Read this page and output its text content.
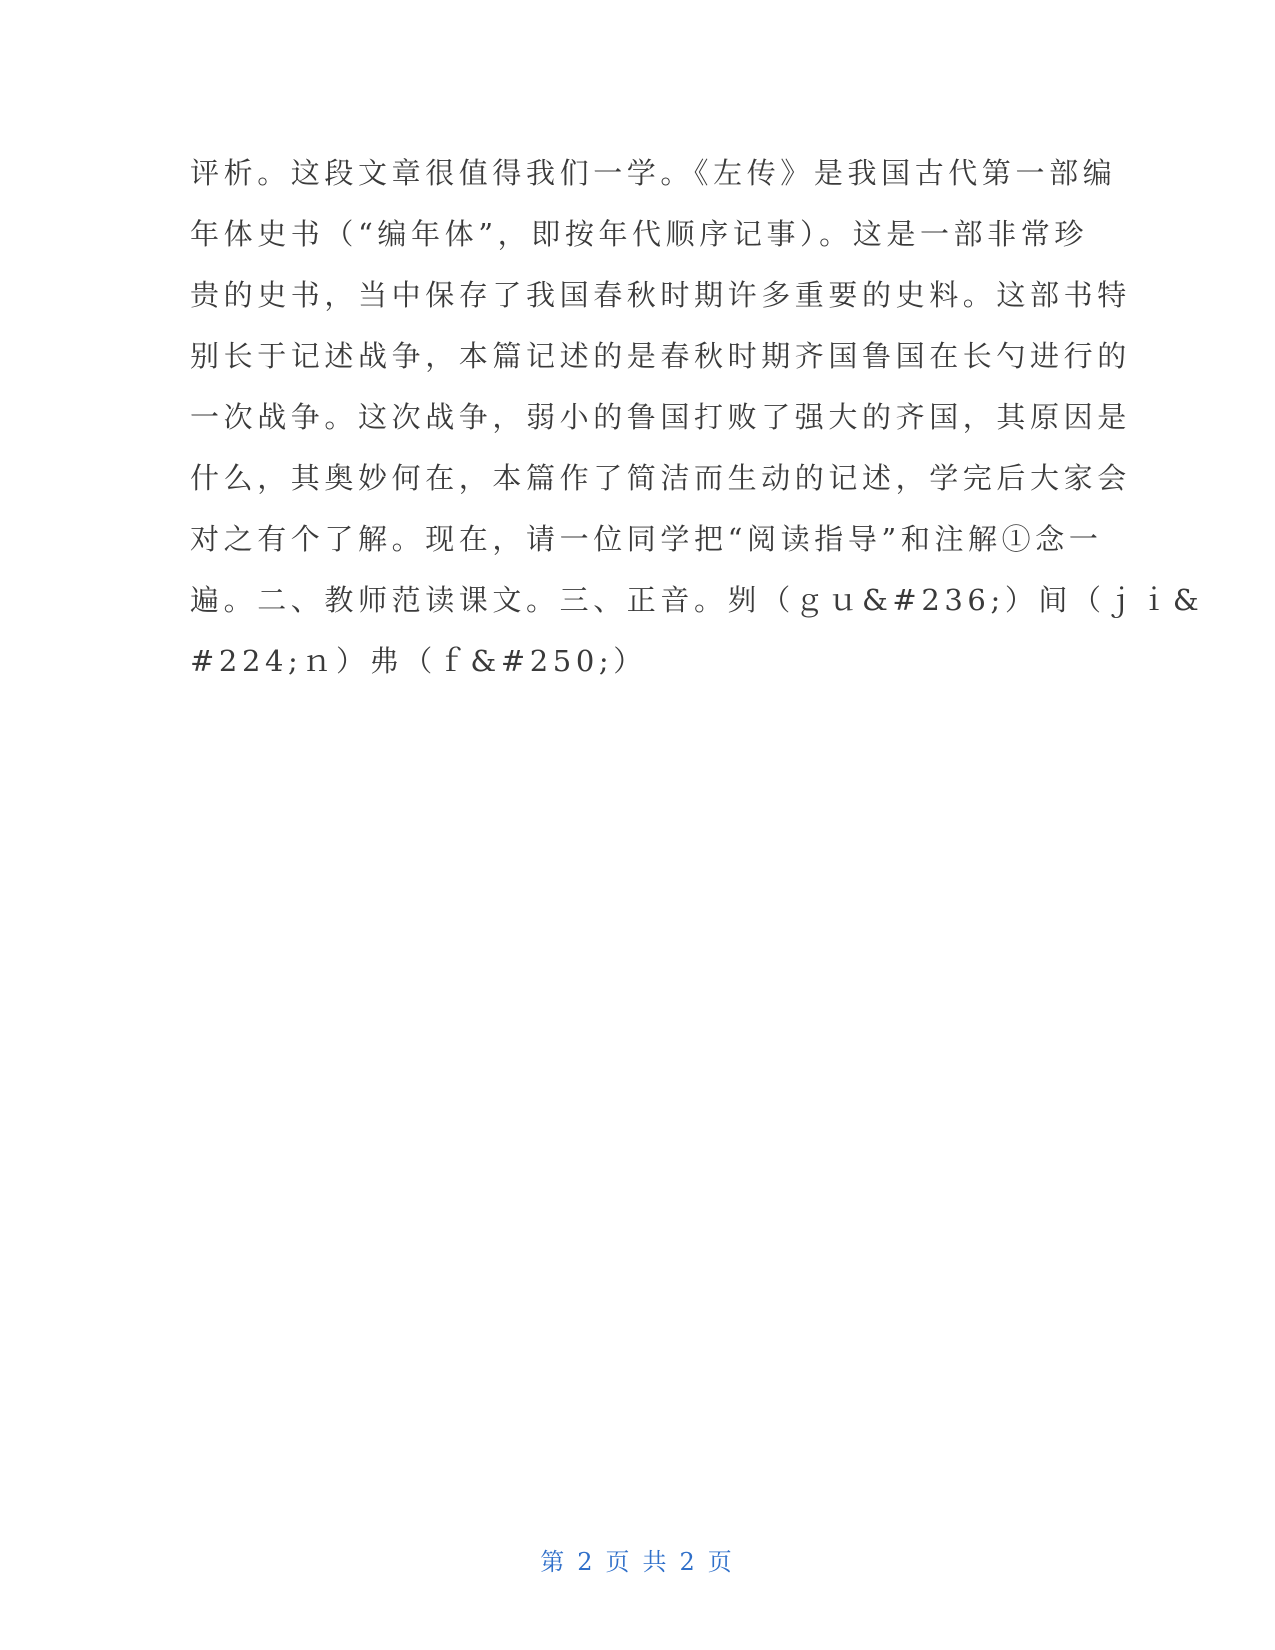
评析。这段文章很值得我们一学。《左传》是我国古代第一部编
年体史书（“编年体”，即按年代顺序记事）。这是一部非常珍
贵的史书，当中保存了我国春秋时期许多重要的史料。这部书特
别长于记述战争，本篇记述的是春秋时期齐国鲁国在长勺进行的
一次战争。这次战争，弱小的鲁国打败了强大的齐国，其原因是
什么，其奥妙何在，本篇作了简洁而生动的记述，学完后大家会
对之有个了解。现在，请一位同学把“阅读指导”和注解①念一
遍。二、教师范读课文。三、正音。刿（ｇｕ&#236;）间（ｊｉ&
#224;ｎ）弗（ｆ&#250;）
第 2 页 共 2 页
